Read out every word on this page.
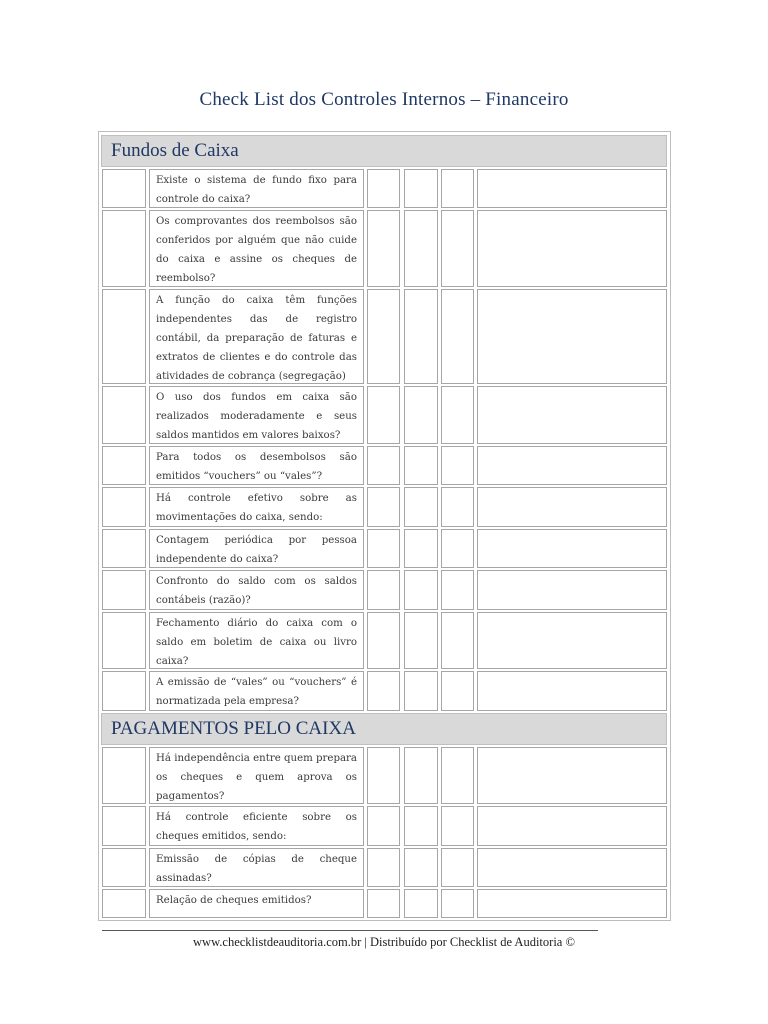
Check List dos Controles Internos – Financeiro
Fundos de Caixa
Existe o sistema de fundo fixo para controle do caixa?
Os comprovantes dos reembolsos são conferidos por alguém que não cuide do caixa e assine os cheques de reembolso?
A função do caixa têm funções independentes das de registro contábil, da preparação de faturas e extratos de clientes e do controle das atividades de cobrança (segregação)
O uso dos fundos em caixa são realizados moderadamente e seus saldos mantidos em valores baixos?
Para todos os desembolsos são emitidos “vouchers” ou “vales”?
Há controle efetivo sobre as movimentações do caixa, sendo:
Contagem periódica por pessoa independente do caixa?
Confronto do saldo com os saldos contábeis (razão)?
Fechamento diário do caixa com o saldo em boletim de caixa ou livro caixa?
A emissão de “vales” ou “vouchers” é normatizada pela empresa?
PAGAMENTOS PELO CAIXA
Há independência entre quem prepara os cheques e quem aprova os pagamentos?
Há controle eficiente sobre os cheques emitidos, sendo:
Emissão de cópias de cheque assinadas?
Relação de cheques emitidos?
www.checklistdeauditoria.com.br | Distribuído por Checklist de Auditoria ©
